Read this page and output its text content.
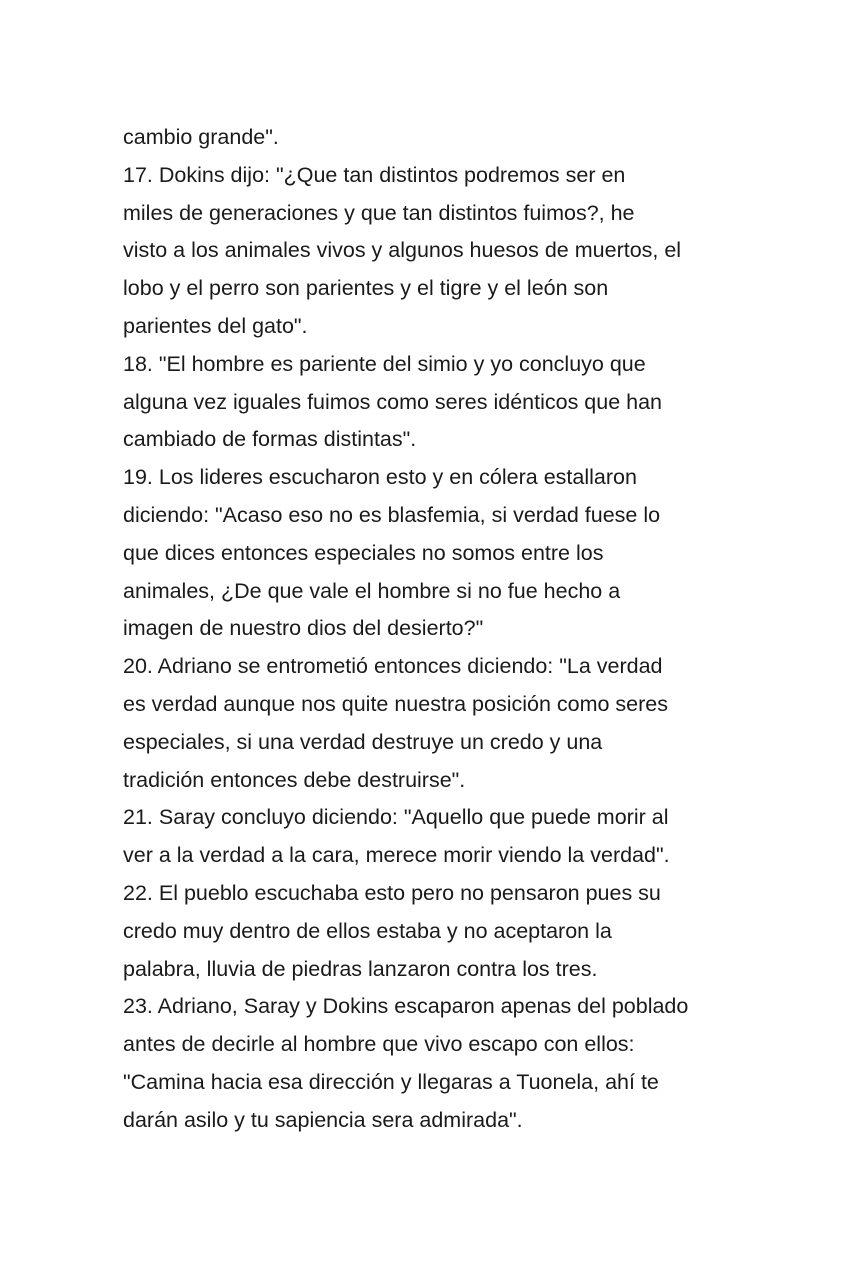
cambio grande".
17. Dokins dijo: "¿Que tan distintos podremos ser en
miles de generaciones y que tan distintos fuimos?, he
visto a los animales vivos y algunos huesos de muertos, el
lobo y el perro son parientes y el tigre y el león son
parientes del gato".
18. "El hombre es pariente del simio y yo concluyo que
alguna vez iguales fuimos como seres idénticos que han
cambiado de formas distintas".
19. Los lideres escucharon esto y en cólera estallaron
diciendo: "Acaso eso no es blasfemia, si verdad fuese lo
que dices entonces especiales no somos entre los
animales, ¿De que vale el hombre si no fue hecho a
imagen de nuestro dios del desierto?"
20. Adriano se entrometió entonces diciendo: "La verdad
es verdad aunque nos quite nuestra posición como seres
especiales, si una verdad destruye un credo y una
tradición entonces debe destruirse".
21. Saray concluyo diciendo: "Aquello que puede morir al
ver a la verdad a la cara, merece morir viendo la verdad".
22. El pueblo escuchaba esto pero no pensaron pues su
credo muy dentro de ellos estaba y no aceptaron la
palabra, lluvia de piedras lanzaron contra los tres.
23. Adriano, Saray y Dokins escaparon apenas del poblado
antes de decirle al hombre que vivo escapo con ellos:
"Camina hacia esa dirección y llegaras a Tuonela, ahí te
darán asilo y tu sapiencia sera admirada".
